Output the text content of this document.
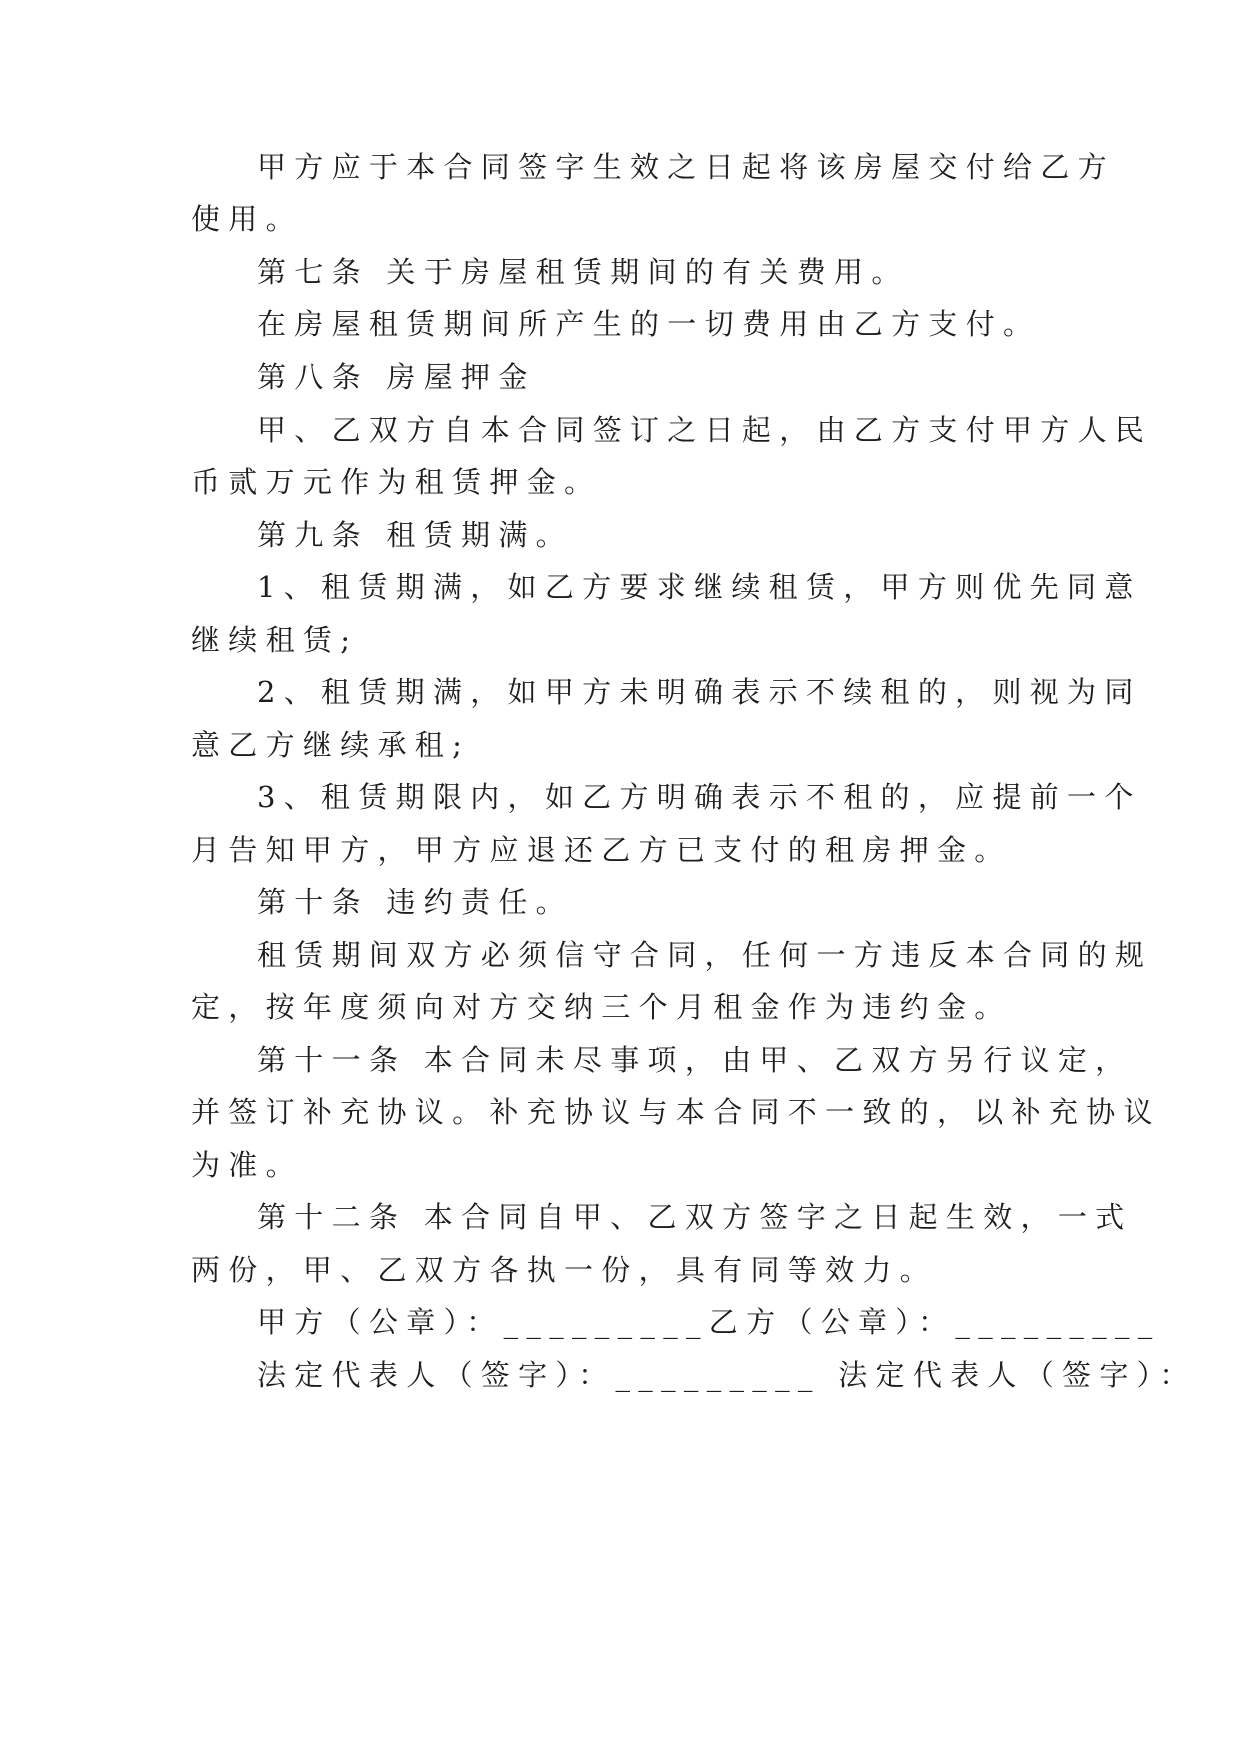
甲方应于本合同签字生效之日起将该房屋交付给乙方

使用。

第七条 关于房屋租赁期间的有关费用。

在房屋租赁期间所产生的一切费用由乙方支付。

第八条 房屋押金

甲、乙双方自本合同签订之日起，由乙方支付甲方人民

币贰万元作为租赁押金。

第九条 租赁期满。

1、租赁期满，如乙方要求继续租赁，甲方则优先同意

继续租赁;

2、租赁期满，如甲方未明确表示不续租的，则视为同

意乙方继续承租;

3、租赁期限内，如乙方明确表示不租的，应提前一个

月告知甲方，甲方应退还乙方已支付的租房押金。

第十条 违约责任。

租赁期间双方必须信守合同，任何一方违反本合同的规

定，按年度须向对方交纳三个月租金作为违约金。

第十一条 本合同未尽事项，由甲、乙双方另行议定，

并签订补充协议。补充协议与本合同不一致的，以补充协议

为准。

第十二条 本合同自甲、乙双方签字之日起生效，一式

两份，甲、乙双方各执一份，具有同等效力。

甲方（公章）：_________乙方（公章）：_________

法定代表人（签字）：_________ 法定代表人（签字）：
